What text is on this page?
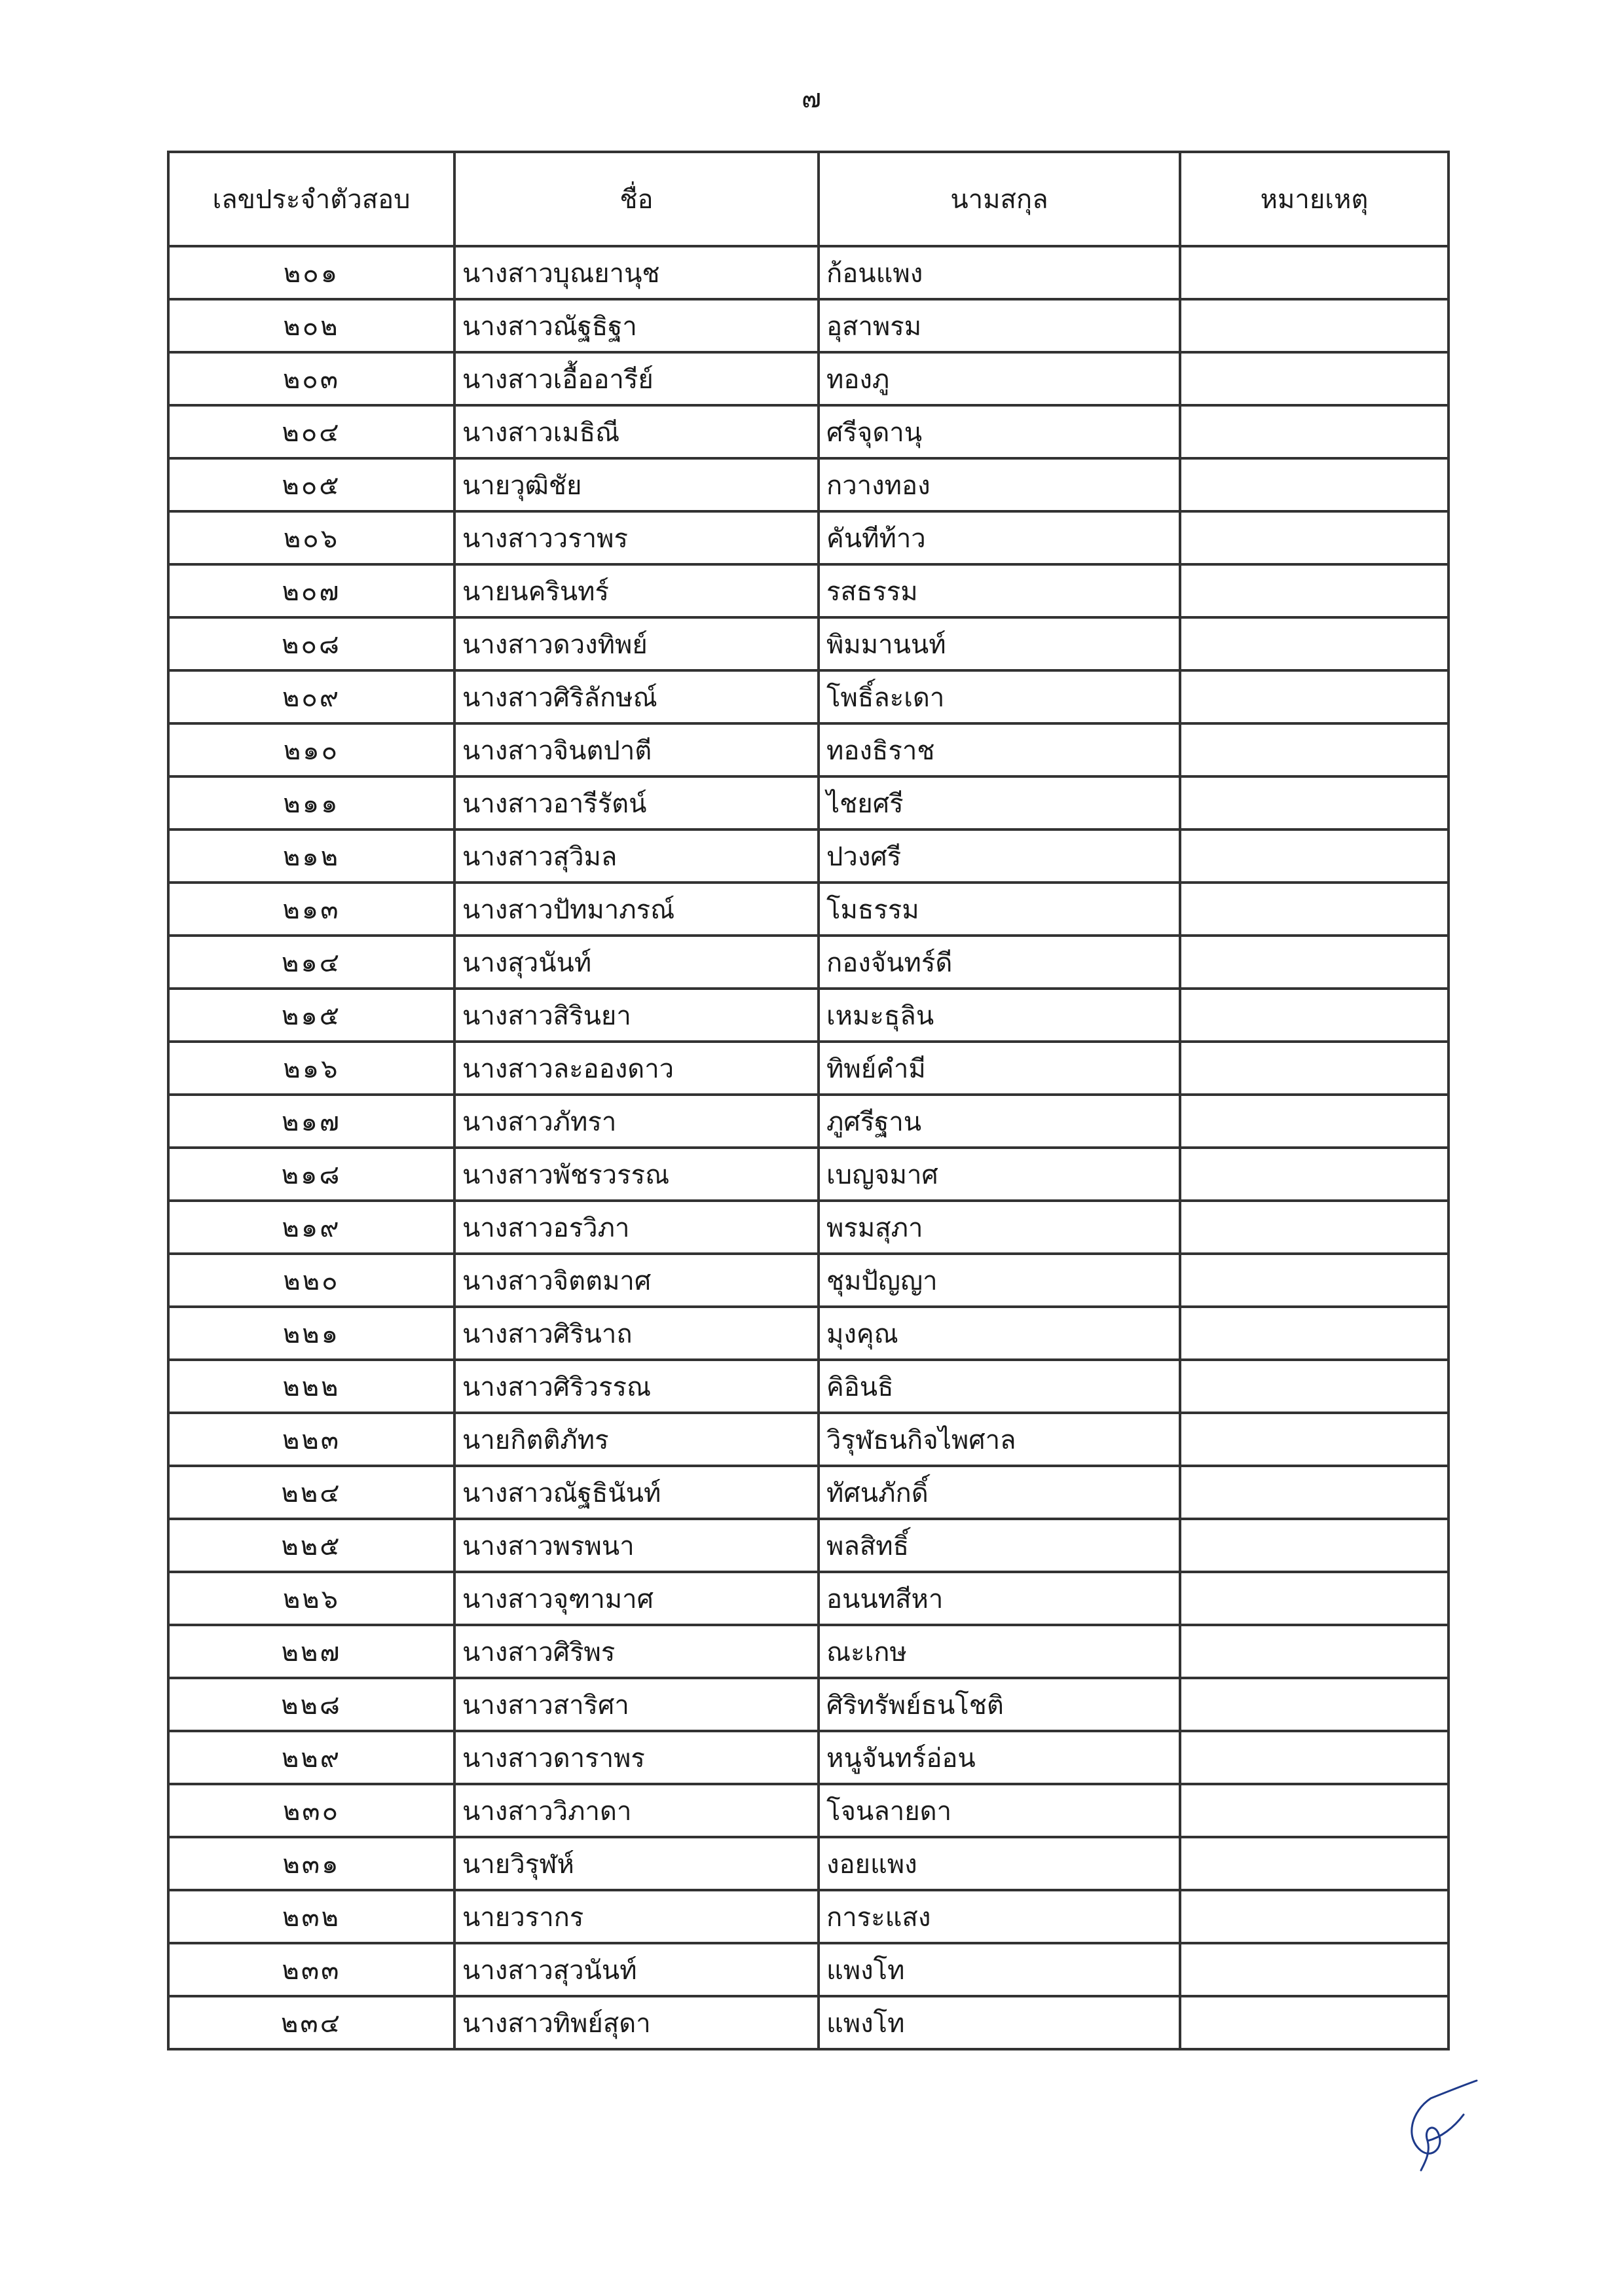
๗
เลขประจำตัวสอบ	ชื่อ	นามสกุล	หมายเหตุ
๒๐๑	นางสาวบุณยานุช	ก้อนแพง	
๒๐๒	นางสาวณัฐธิฐา	อุสาพรม	
๒๐๓	นางสาวเอื้ออารีย์	ทองภู	
๒๐๔	นางสาวเมธิณี	ศรีจุดานุ	
๒๐๕	นายวุฒิชัย	กวางทอง	
๒๐๖	นางสาววราพร	คันทีท้าว	
๒๐๗	นายนครินทร์	รสธรรม	
๒๐๘	นางสาวดวงทิพย์	พิมมานนท์	
๒๐๙	นางสาวศิริลักษณ์	โพธิ์ละเดา	
๒๑๐	นางสาวจินตปาตี	ทองธิราช	
๒๑๑	นางสาวอารีรัตน์	ไชยศรี	
๒๑๒	นางสาวสุวิมล	ปวงศรี	
๒๑๓	นางสาวปัทมาภรณ์	โมธรรม	
๒๑๔	นางสุวนันท์	กองจันทร์ดี	
๒๑๕	นางสาวสิรินยา	เหมะธุลิน	
๒๑๖	นางสาวละอองดาว	ทิพย์คำมี	
๒๑๗	นางสาวภัทรา	ภูศรีฐาน	
๒๑๘	นางสาวพัชรวรรณ	เบญจมาศ	
๒๑๙	นางสาวอรวิภา	พรมสุภา	
๒๒๐	นางสาวจิตตมาศ	ชุมปัญญา	
๒๒๑	นางสาวศิรินาถ	มุงคุณ	
๒๒๒	นางสาวศิริวรรณ	คิอินธิ	
๒๒๓	นายกิตติภัทร	วิรุฬธนกิจไพศาล	
๒๒๔	นางสาวณัฐธินันท์	ทัศนภักดิ์	
๒๒๕	นางสาวพรพนา	พลสิทธิ์	
๒๒๖	นางสาวจุฑามาศ	อนนทสีหา	
๒๒๗	นางสาวศิริพร	ณะเกษ	
๒๒๘	นางสาวสาริศา	ศิริทรัพย์ธนโชติ	
๒๒๙	นางสาวดาราพร	หนูจันทร์อ่อน	
๒๓๐	นางสาววิภาดา	โจนลายดา	
๒๓๑	นายวิรุฬห์	งอยแพง	
๒๓๒	นายวรากร	การะแสง	
๒๓๓	นางสาวสุวนันท์	แพงโท	
๒๓๔	นางสาวทิพย์สุดา	แพงโท	
